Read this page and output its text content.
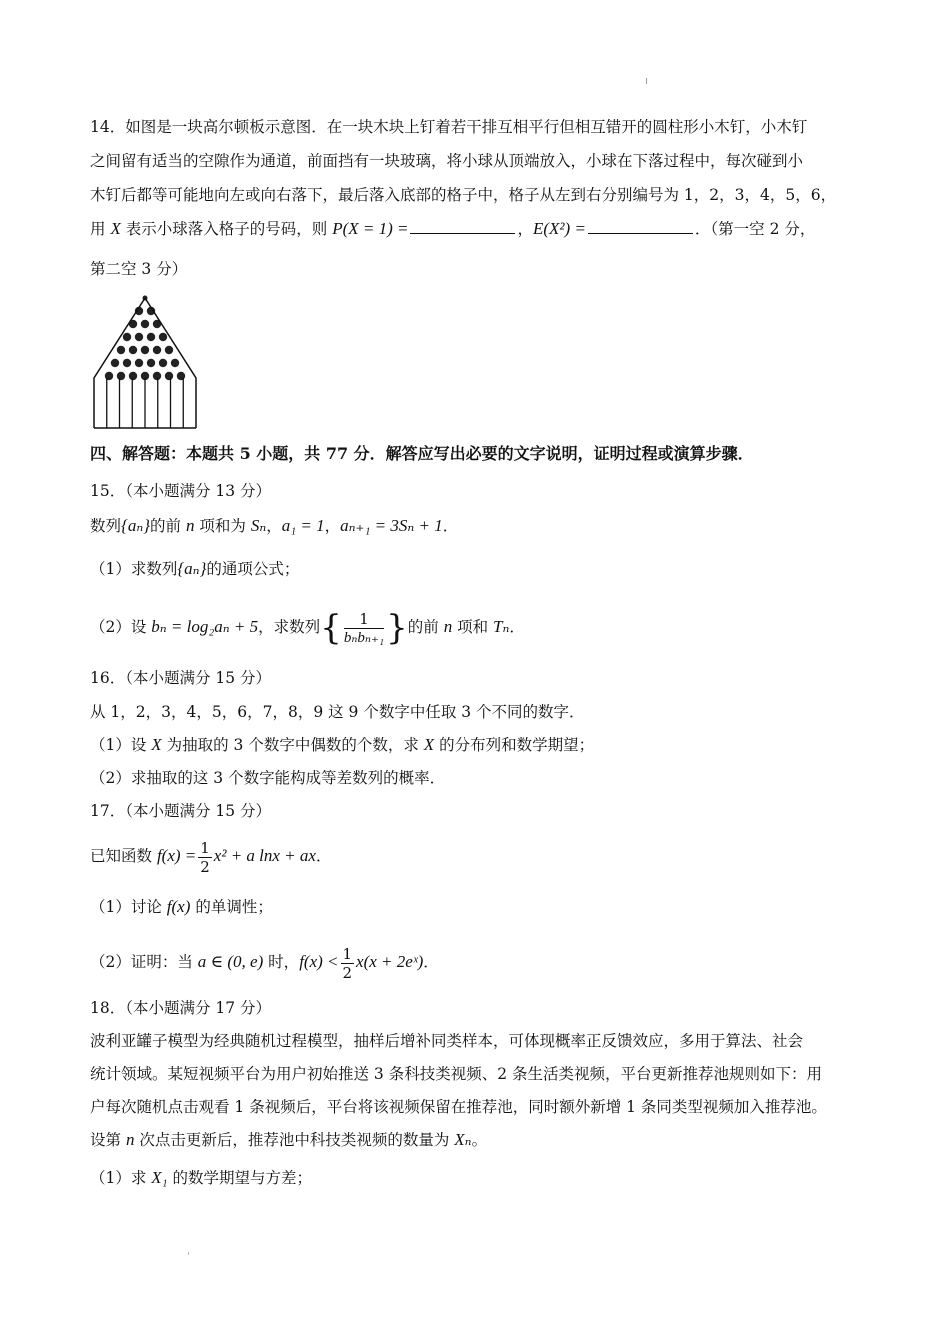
14．如图是一块高尔顿板示意图．在一块木块上钉着若干排互相平行但相互错开的圆柱形小木钉，小木钉
之间留有适当的空隙作为通道，前面挡有一块玻璃，将小球从顶端放入，小球在下落过程中，每次碰到小
木钉后都等可能地向左或向右落下，最后落入底部的格子中，格子从左到右分别编号为 1，2，3，4，5，6，
用 X 表示小球落入格子的号码，则 P(X = 1) =	，E(X²) =	．（第一空 2 分，
第二空 3 分）
四、解答题：本题共 5 小题，共 77 分．解答应写出必要的文字说明，证明过程或演算步骤．
15．（本小题满分 13 分）
数列{aₙ}的前 n 项和为 Sₙ，a₁ = 1，aₙ₊₁ = 3Sₙ + 1．
（1）求数列{aₙ}的通项公式；
（2）设 bₙ = log₂aₙ + 5，求数列{ $\frac{1}{\text{bₙbₙ₊₁}}$ }的前 n 项和 Tₙ．
16．（本小题满分 15 分）
从 1，2，3，4，5，6，7，8，9 这 9 个数字中任取 3 个不同的数字．
（1）设 X 为抽取的 3 个数字中偶数的个数，求 X 的分布列和数学期望；
（2）求抽取的这 3 个数字能构成等差数列的概率．
17．（本小题满分 15 分）
已知函数 $f(x) = \frac{1}{2} x^2 + a$ lnx + ax．
（1）讨论 f(x) 的单调性；
（2）证明：当 a ∈ (0, e) 时，$f(x) < \frac{1}{2} x(x$ + 2eˣ)．
18．（本小题满分 17 分）
波利亚罐子模型为经典随机过程模型，抽样后增补同类样本，可体现概率正反馈效应，多用于算法、社会
统计领域。某短视频平台为用户初始推送 3 条科技类视频、2 条生活类视频，平台更新推荐池规则如下：用
户每次随机点击观看 1 条视频后，平台将该视频保留在推荐池，同时额外新增 1 条同类型视频加入推荐池。
设第 n 次点击更新后，推荐池中科技类视频的数量为 Xₙ。
（1）求 X₁ 的数学期望与方差；
